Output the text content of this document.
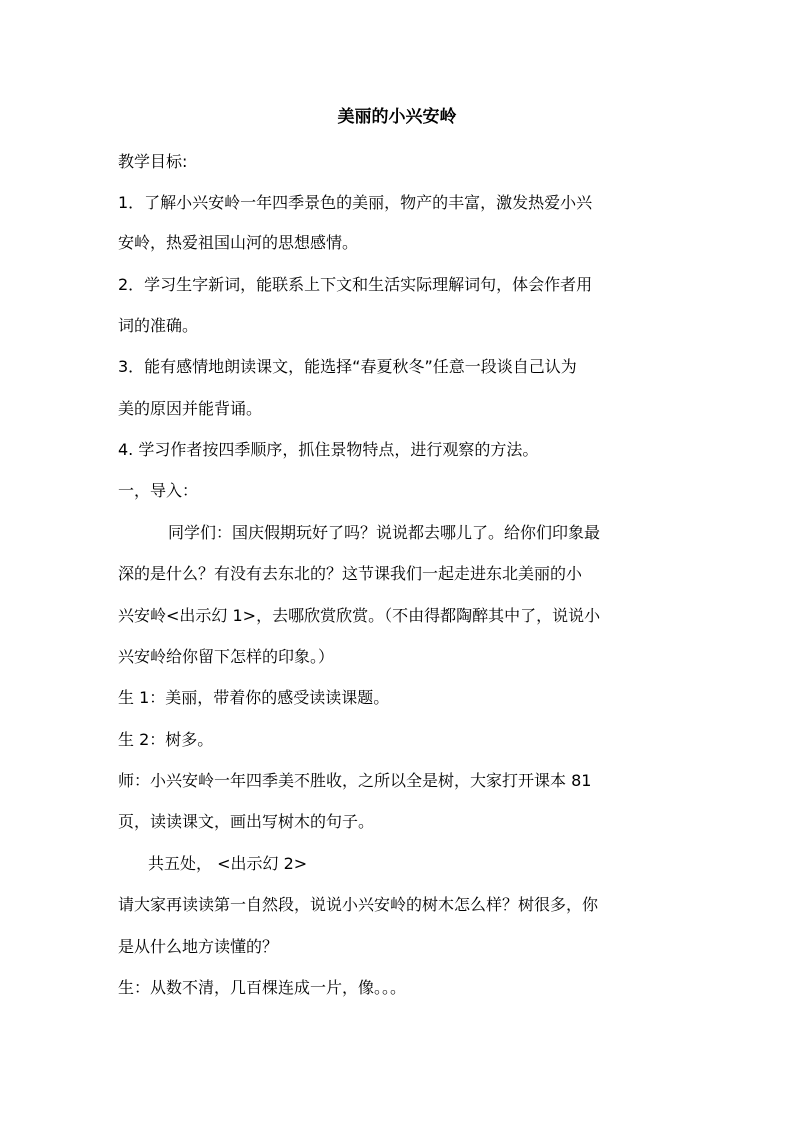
美丽的小兴安岭
教学目标:
1．了解小兴安岭一年四季景色的美丽，物产的丰富，激发热爱小兴
安岭，热爱祖国山河的思想感情。
2．学习生字新词，能联系上下文和生活实际理解词句，体会作者用
词的准确。
3．能有感情地朗读课文，能选择“春夏秋冬”任意一段谈自己认为
美的原因并能背诵。
4. 学习作者按四季顺序，抓住景物特点，进行观察的方法。
一，导入：
同学们：国庆假期玩好了吗？说说都去哪儿了。给你们印象最
深的是什么？有没有去东北的？这节课我们一起走进东北美丽的小
兴安岭<出示幻 1>，去哪欣赏欣赏。（不由得都陶醉其中了，说说小
兴安岭给你留下怎样的印象。）
生 1：美丽，带着你的感受读读课题。
生 2：树多。
师：小兴安岭一年四季美不胜收，之所以全是树，大家打开课本 81
页，读读课文，画出写树木的句子。
共五处， <出示幻 2>
请大家再读读第一自然段，说说小兴安岭的树木怎么样？树很多，你
是从什么地方读懂的？
生：从数不清，几百棵连成一片，像。。。
